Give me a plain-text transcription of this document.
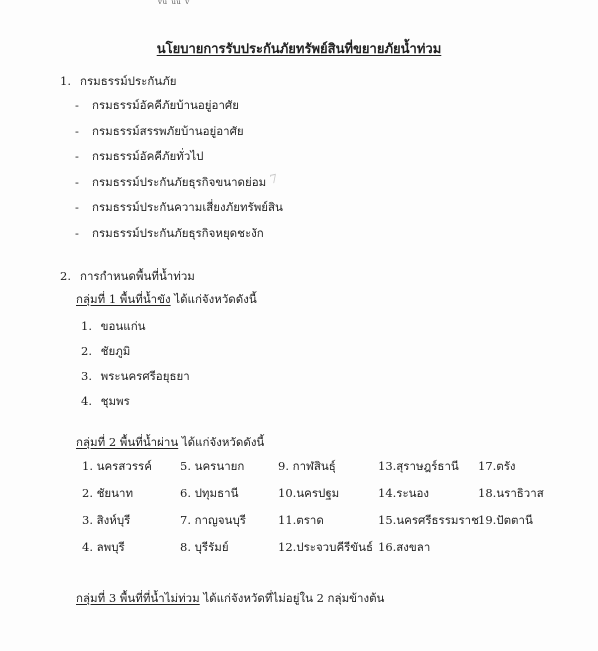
ᵥᵤ ᵤᵤ ᵥ
นโยบายการรับประกันภัยทรัพย์สินที่ขยายภัยน้ำท่วม
1. กรมธรรม์ประกันภัย
- กรมธรรม์อัคคีภัยบ้านอยู่อาศัย
- กรมธรรม์สรรพภัยบ้านอยู่อาศัย
- กรมธรรม์อัคคีภัยทั่วไป
- กรมธรรม์ประกันภัยธุรกิจขนาดย่อม
- กรมธรรม์ประกันความเสี่ยงภัยทรัพย์สิน
- กรมธรรม์ประกันภัยธุรกิจหยุดชะงัก
7
2. การกำหนดพื้นที่น้ำท่วม
กลุ่มที่ 1 พื้นที่น้ำขัง ได้แก่จังหวัดดังนี้
1. ขอนแก่น
2. ชัยภูมิ
3. พระนครศรีอยุธยา
4. ชุมพร
กลุ่มที่ 2 พื้นที่น้ำผ่าน ได้แก่จังหวัดดังนี้
1. นครสวรรค์ 5. นครนายก	9. กาฬสินธุ์	13.สุราษฎร์ธานี 17.ตรัง
2. ชัยนาท	6. ปทุมธานี	10.นครปฐม	14.ระนอง	18.นราธิวาส
3. สิงห์บุรี	7. กาญจนบุรี	11.ตราด	15.นครศรีธรรมราช 19.ปัตตานี
4. ลพบุรี	8. บุรีรัมย์	12.ประจวบคีรีขันธ์ 16.สงขลา
กลุ่มที่ 3 พื้นที่ที่น้ำไม่ท่วม ได้แก่จังหวัดที่ไม่อยู่ใน 2 กลุ่มข้างต้น
